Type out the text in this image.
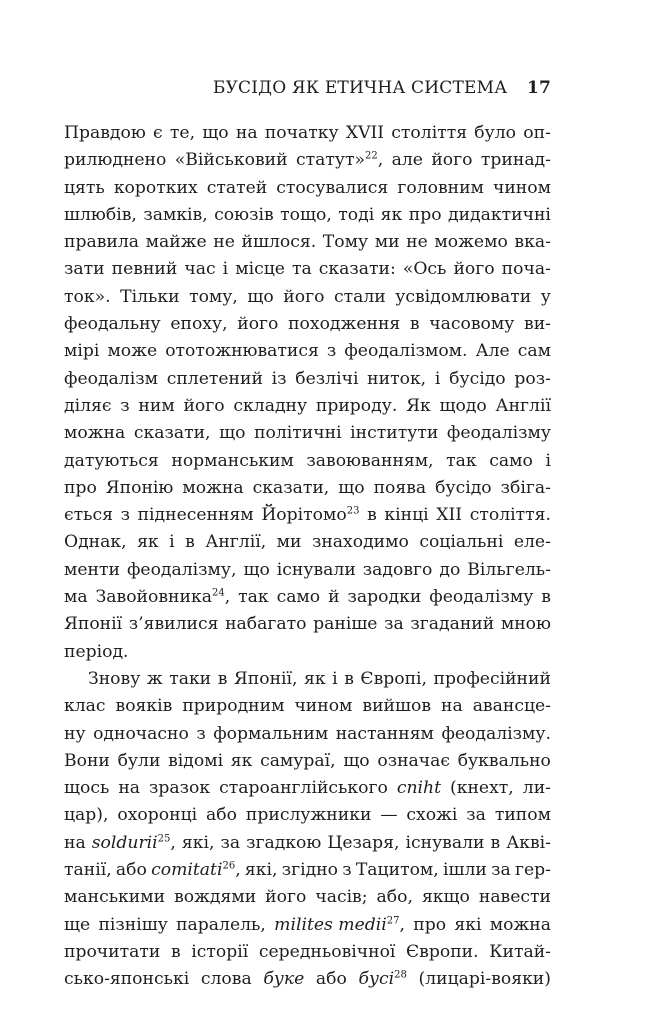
БУСІДО ЯК ЕТИЧНА СИСТЕМА 17
Правдою є те, що на початку XVII століття було оп-
рилюднено «Військовий статут»$^{22}$, але його тринад-
цять коротких статей стосувалися головним чином
шлюбів, замків, союзів тощо, тоді як про дидактичні
правила майже не йшлося. Тому ми не можемо вка-
зати певний час і місце та сказати: «Ось його поча-
ток». Тільки тому, що його стали усвідомлювати у
феодальну епоху, його походження в часовому ви-
мірі може ототожнюватися з феодалізмом. Але сам
феодалізм сплетений із безлічі ниток, і бусідо роз-
діляє з ним його складну природу. Як щодо Англії
можна сказати, що політичні інститути феодалізму
датуються норманським завоюванням, так само і
про Японію можна сказати, що поява бусідо збіга-
ється з піднесенням Йорітомо$^{23}$ в кінці XII століття.
Однак, як і в Англії, ми знаходимо соціальні еле-
менти феодалізму, що існували задовго до Вільгель-
ма Завойовника$^{24}$, так само й зародки феодалізму в
Японії з’явилися набагато раніше за згаданий мною
період.
Знову ж таки в Японії, як і в Європі, професійний
клас вояків природним чином вийшов на авансце-
ну одночасно з формальним настанням феодалізму.
Вони були відомі як самураї, що означає буквально
щось на зразок староанглійського cniht (кнехт, ли-
цар), охоронці або прислужники — схожі за типом
на soldurii$^{25}$, які, за згадкою Цезаря, існували в Аквi-
танії, або comitati$^{26}$, які, згідно з Тацитом, ішли за гер-
манськими вождями його часів; або, якщо навести
ще пізнішу паралель, milites medii$^{27}$, про які можна
прочитати в історії середньовічної Європи. Китай-
сько-японські слова буке або бусі$^{28}$ (лицарі-вояки)
